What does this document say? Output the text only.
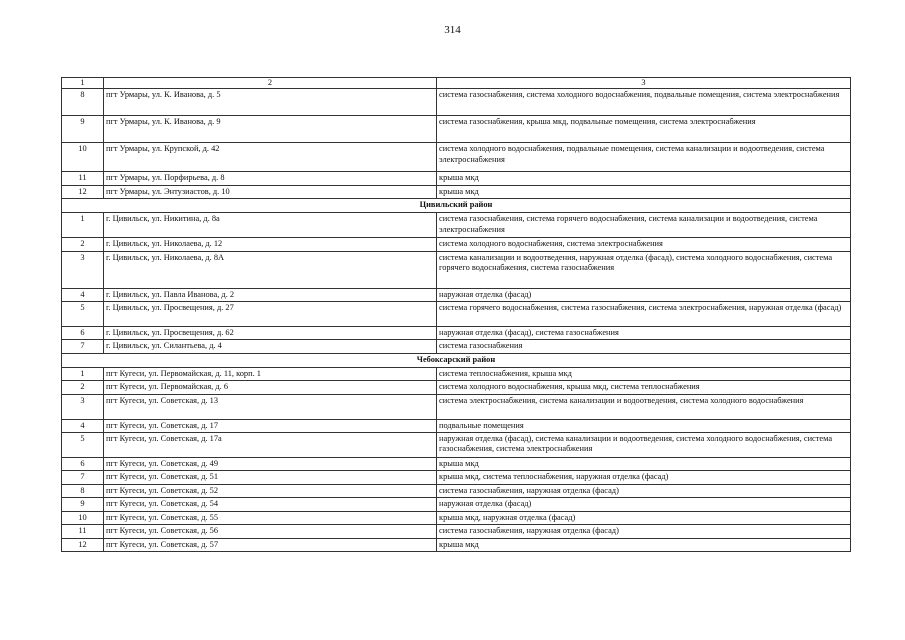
314
1	2	3
8	пгт Урмары, ул. К. Иванова, д. 5	система газоснабжения, система холодного водоснабжения, подвальные помещения, система электроснабжения
9	пгт Урмары, ул. К. Иванова, д. 9	система газоснабжения, крыша мкд, подвальные помещения, система электроснабжения
10	пгт Урмары, ул. Крупской, д. 42	система холодного водоснабжения, подвальные помещения, система канализации и водоотведения, система электроснабжения
11	пгт Урмары, ул. Порфирьева, д. 8	крыша мкд
12	пгт Урмары, ул. Энтузиастов, д. 10	крыша мкд
Цивильский район		
1	г. Цивильск, ул. Никитина, д. 8а	система газоснабжения, система горячего водоснабжения, система канализации и водоотведения, система электроснабжения
2	г. Цивильск, ул. Николаева, д. 12	система холодного водоснабжения, система электроснабжения
3	г. Цивильск, ул. Николаева, д. 8А	система канализации и водоотведения, наружная отделка (фасад), система холодного водоснабжения, система горячего водоснабжения, система газоснабжения
4	г. Цивильск, ул. Павла Иванова, д. 2	наружная отделка (фасад)
5	г. Цивильск, ул. Просвещения, д. 27	система горячего водоснабжения, система газоснабжения, система электроснабжения, наружная отделка (фасад)
6	г. Цивильск, ул. Просвещения, д. 62	наружная отделка (фасад), система газоснабжения
7	г. Цивильск, ул. Силантьева, д. 4	система газоснабжения
Чебоксарский район		
1	пгт Кугеси, ул. Первомайская, д. 11, корп. 1	система теплоснабжения, крыша мкд
2	пгт Кугеси, ул. Первомайская, д. 6	система холодного водоснабжения, крыша мкд, система теплоснабжения
3	пгт Кугеси, ул. Советская, д. 13	система электроснабжения, система канализации и водоотведения, система холодного водоснабжения
4	пгт Кугеси, ул. Советская, д. 17	подвальные помещения
5	пгт Кугеси, ул. Советская, д. 17а	наружная отделка (фасад), система канализации и водоотведения, система холодного водоснабжения, система газоснабжения, система электроснабжения
6	пгт Кугеси, ул. Советская, д. 49	крыша мкд
7	пгт Кугеси, ул. Советская, д. 51	крыша мкд, система теплоснабжения, наружная отделка (фасад)
8	пгт Кугеси, ул. Советская, д. 52	система газоснабжения, наружная отделка (фасад)
9	пгт Кугеси, ул. Советская, д. 54	наружная отделка (фасад)
10	пгт Кугеси, ул. Советская, д. 55	крыша мкд, наружная отделка (фасад)
11	пгт Кугеси, ул. Советская, д. 56	система газоснабжения, наружная отделка (фасад)
12	пгт Кугеси, ул. Советская, д. 57	крыша мкд
